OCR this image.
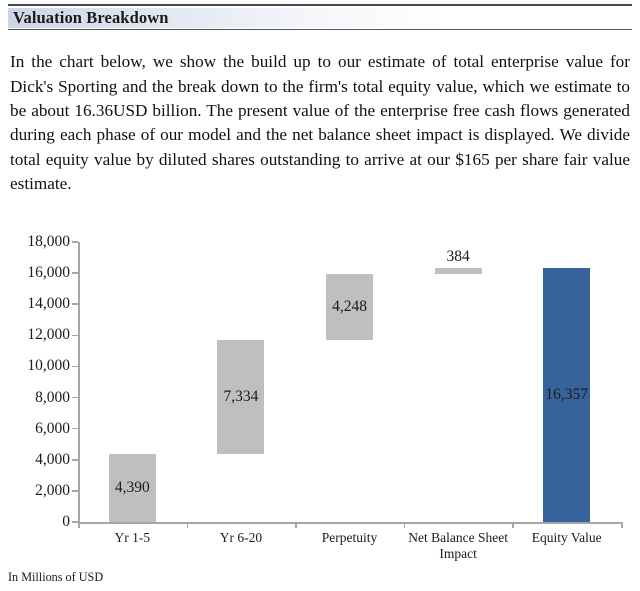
Valuation Breakdown

In the chart below, we show the build up to our estimate of total enterprise value for Dick's Sporting and the break down to the firm's total equity value, which we estimate to be about 16.36USD billion. The present value of the enterprise free cash flows generated during each phase of our model and the net balance sheet impact is displayed. We divide total equity value by diluted shares outstanding to arrive at our $165 per share fair value estimate.

0
2,000
4,000
6,000
8,000
10,000
12,000
14,000
16,000
18,000
4,390
Yr 1-5
7,334
Yr 6-20
4,248
Perpetuity
384
Net Balance Sheet Impact
16,357
Equity Value
In Millions of USD
